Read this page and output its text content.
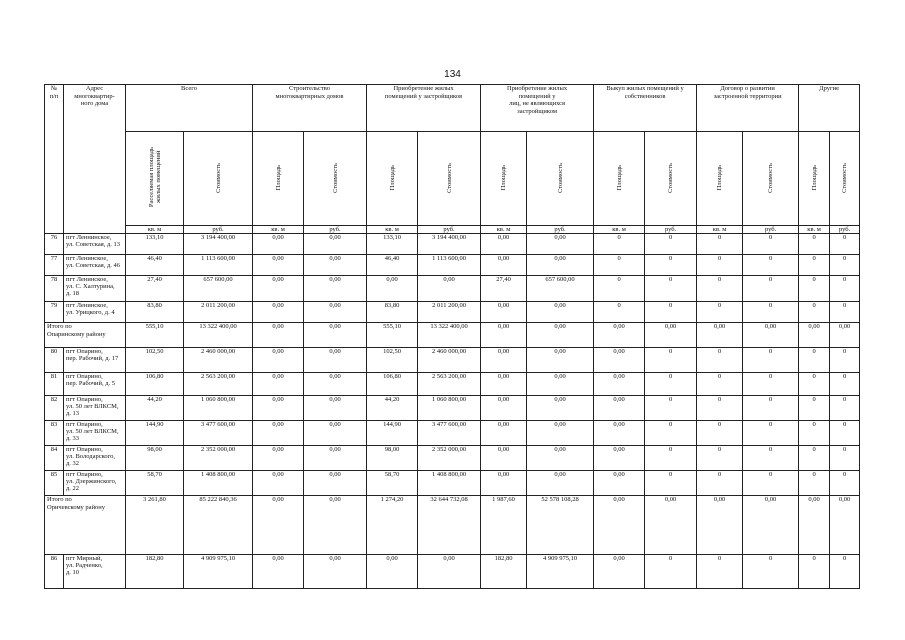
134
№
п/п	Адрес
многоквартир-
ного дома	Всего		Строительство
многоквартирных домов		Приобретение жилых
помещений у застройщиков		Приобретение жилых
помещений у
лиц, не являющихся
застройщиком		Выкуп жилых помещений у
собственников		Договор о развитии
застроенной территории		Другие	
		Расселяемая площадь
жилых помещений	Стоимость	Площадь	Стоимость	Площадь	Стоимость	Площадь	Стоимость	Площадь	Стоимость	Площадь	Стоимость	Площадь	Стоимость
		кв. м	руб.	кв. м	руб.	кв. м	руб.	кв. м	руб.	кв. м	руб.	кв. м	руб.	кв. м	руб.
76	пгт Леннинское,
ул. Советская, д. 13	133,10	3 194 400,00	0,00	0,00	133,10	3 194 400,00	0,00	0,00	0	0	0	0	0	0
77	пгт Ленинское,
ул. Советская, д. 46	46,40	1 113 600,00	0,00	0,00	46,40	1 113 600,00	0,00	0,00	0	0	0	0	0	0
78	пгт Ленинское,
ул. С. Халтурина,
д. 18	27,40	657 600,00	0,00	0,00	0,00	0,00	27,40	657 600,00	0	0	0	0	0	0
79	пгт Ленинское,
ул. Урицкого, д. 4	83,80	2 011 200,00	0,00	0,00	83,80	2 011 200,00	0,00	0,00	0	0	0	0	0	0
Итого по
Опаринскому району		555,10	13 322 400,00	0,00	0,00	555,10	13 322 400,00	0,00	0,00	0,00	0,00	0,00	0,00	0,00	0,00
80	пгт Опарино,
пер. Рабочий, д. 17	102,50	2 460 000,00	0,00	0,00	102,50	2 460 000,00	0,00	0,00	0,00	0	0	0	0	0
81	пгт Опарино,
пер. Рабочий, д. 5	106,80	2 563 200,00	0,00	0,00	106,80	2 563 200,00	0,00	0,00	0,00	0	0	0	0	0
82	пгт Опарино,
ул. 50 лет ВЛКСМ,
д. 13	44,20	1 060 800,00	0,00	0,00	44,20	1 060 800,00	0,00	0,00	0,00	0	0	0	0	0
83	пгт Опарино,
ул. 50 лет ВЛКСМ,
д. 33	144,90	3 477 600,00	0,00	0,00	144,90	3 477 600,00	0,00	0,00	0,00	0	0	0	0	0
84	пгт Опарино,
ул. Володарского,
д. 32	98,00	2 352 000,00	0,00	0,00	98,00	2 352 000,00	0,00	0,00	0,00	0	0	0	0	0
85	пгт Опарино,
ул. Дзержинского,
д. 22	58,70	1 408 800,00	0,00	0,00	58,70	1 408 800,00	0,00	0,00	0,00	0	0	0	0	0
Итого по
Оричевскому району		3 261,80	85 222 840,36	0,00	0,00	1 274,20	32 644 732,08	1 987,60	52 578 108,28	0,00	0,00	0,00	0,00	0,00	0,00
86	пгт Мирный,
ул. Радченко,
д. 10	182,80	4 909 975,10	0,00	0,00	0,00	0,00	182,80	4 909 975,10	0,00	0	0	0	0	0
